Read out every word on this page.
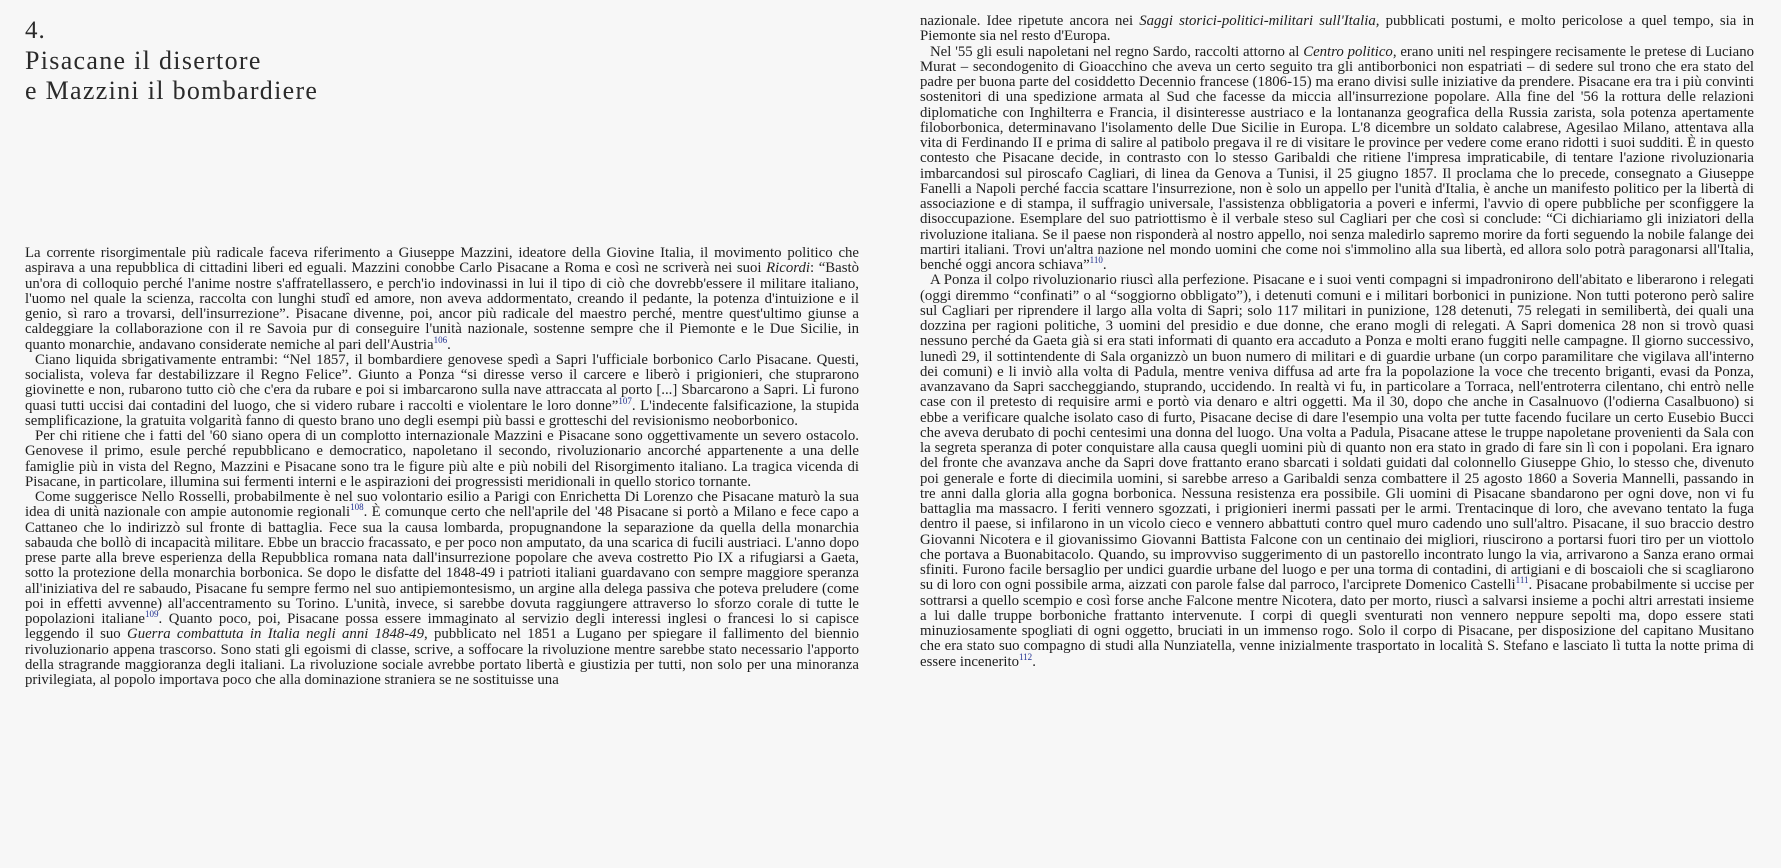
4.
Pisacane il disertore
e Mazzini il bombardiere

La corrente risorgimentale più radicale faceva riferimento a Giuseppe Mazzini, ideatore della Giovine Italia, il movimento politico che aspirava a una repubblica di cittadini liberi ed eguali. Mazzini conobbe Carlo Pisacane a Roma e così ne scriverà nei suoi Ricordi: “Bastò un'ora di colloquio perché l'anime nostre s'affratellassero, e perch'io indovinassi in lui il tipo di ciò che dovrebb'essere il militare italiano, l'uomo nel quale la scienza, raccolta con lunghi studî ed amore, non aveva addormentato, creando il pedante, la potenza d'intuizione e il genio, sì raro a trovarsi, dell'insurrezione”. Pisacane divenne, poi, ancor più radicale del maestro perché, mentre quest'ultimo giunse a caldeggiare la collaborazione con il re Savoia pur di conseguire l'unità nazionale, sostenne sempre che il Piemonte e le Due Sicilie, in quanto monarchie, andavano considerate nemiche al pari dell'Austria$^{106}$.

Ciano liquida sbrigativamente entrambi: “Nel 1857, il bombardiere genovese spedì a Sapri l'ufficiale borbonico Carlo Pisacane. Questi, socialista, voleva far destabilizzare il Regno Felice”. Giunto a Ponza “si diresse verso il carcere e liberò i prigionieri, che stuprarono giovinette e non, rubarono tutto ciò che c'era da rubare e poi si imbarcarono sulla nave attraccata al porto [...] Sbarcarono a Sapri. Lì furono quasi tutti uccisi dai contadini del luogo, che si videro rubare i raccolti e violentare le loro donne”$^{107}$. L'indecente falsificazione, la stupida semplificazione, la gratuita volgarità fanno di questo brano uno degli esempi più bassi e grotteschi del revisionismo neoborbonico.

Per chi ritiene che i fatti del '60 siano opera di un complotto internazionale Mazzini e Pisacane sono oggettivamente un severo ostacolo. Genovese il primo, esule perché repubblicano e democratico, napoletano il secondo, rivoluzionario ancorché appartenente a una delle famiglie più in vista del Regno, Mazzini e Pisacane sono tra le figure più alte e più nobili del Risorgimento italiano. La tragica vicenda di Pisacane, in particolare, illumina sui fermenti interni e le aspirazioni dei progressisti meridionali in quello storico tornante.

Come suggerisce Nello Rosselli, probabilmente è nel suo volontario esilio a Parigi con Enrichetta Di Lorenzo che Pisacane maturò la sua idea di unità nazionale con ampie autonomie regionali$^{108}$. È comunque certo che nell'aprile del '48 Pisacane si portò a Milano e fece capo a Cattaneo che lo indirizzò sul fronte di battaglia. Fece sua la causa lombarda, propugnandone la separazione da quella della monarchia sabauda che bollò di incapacità militare. Ebbe un braccio fracassato, e per poco non amputato, da una scarica di fucili austriaci. L'anno dopo prese parte alla breve esperienza della Repubblica romana nata dall'insurrezione popolare che aveva costretto Pio IX a rifugiarsi a Gaeta, sotto la protezione della monarchia borbonica. Se dopo le disfatte del 1848-49 i patrioti italiani guardavano con sempre maggiore speranza all'iniziativa del re sabaudo, Pisacane fu sempre fermo nel suo antipiemontesismo, un argine alla delega passiva che poteva preludere (come poi in effetti avvenne) all'accentramento su Torino. L'unità, invece, si sarebbe dovuta raggiungere attraverso lo sforzo corale di tutte le popolazioni italiane$^{109}$. Quanto poco, poi, Pisacane possa essere immaginato al servizio degli interessi inglesi o francesi lo si capisce leggendo il suo Guerra combattuta in Italia negli anni 1848-49, pubblicato nel 1851 a Lugano per spiegare il fallimento del biennio rivoluzionario appena trascorso. Sono stati gli egoismi di classe, scrive, a soffocare la rivoluzione mentre sarebbe stato necessario l'apporto della stragrande maggioranza degli italiani. La rivoluzione sociale avrebbe portato libertà e giustizia per tutti, non solo per una minoranza privilegiata, al popolo importava poco che alla dominazione straniera se ne sostituisse una

nazionale. Idee ripetute ancora nei Saggi storici-politici-militari sull'Italia, pubblicati postumi, e molto pericolose a quel tempo, sia in Piemonte sia nel resto d'Europa.

Nel '55 gli esuli napoletani nel regno Sardo, raccolti attorno al Centro politico, erano uniti nel respingere recisamente le pretese di Luciano Murat – secondogenito di Gioacchino che aveva un certo seguito tra gli antiborbonici non espatriati – di sedere sul trono che era stato del padre per buona parte del cosiddetto Decennio francese (1806-15) ma erano divisi sulle iniziative da prendere. Pisacane era tra i più convinti sostenitori di una spedizione armata al Sud che facesse da miccia all'insurrezione popolare. Alla fine del '56 la rottura delle relazioni diplomatiche con Inghilterra e Francia, il disinteresse austriaco e la lontananza geografica della Russia zarista, sola potenza apertamente filoborbonica, determinavano l'isolamento delle Due Sicilie in Europa. L'8 dicembre un soldato calabrese, Agesilao Milano, attentava alla vita di Ferdinando II e prima di salire al patibolo pregava il re di visitare le province per vedere come erano ridotti i suoi sudditi. È in questo contesto che Pisacane decide, in contrasto con lo stesso Garibaldi che ritiene l'impresa impraticabile, di tentare l'azione rivoluzionaria imbarcandosi sul piroscafo Cagliari, di linea da Genova a Tunisi, il 25 giugno 1857. Il proclama che lo precede, consegnato a Giuseppe Fanelli a Napoli perché faccia scattare l'insurrezione, non è solo un appello per l'unità d'Italia, è anche un manifesto politico per la libertà di associazione e di stampa, il suffragio universale, l'assistenza obbligatoria a poveri e infermi, l'avvio di opere pubbliche per sconfiggere la disoccupazione. Esemplare del suo patriottismo è il verbale steso sul Cagliari per che così si conclude: “Ci dichiariamo gli iniziatori della rivoluzione italiana. Se il paese non risponderà al nostro appello, noi senza maledirlo sapremo morire da forti seguendo la nobile falange dei martiri italiani. Trovi un'altra nazione nel mondo uomini che come noi s'immolino alla sua libertà, ed allora solo potrà paragonarsi all'Italia, benché oggi ancora schiava”$^{110}$.

A Ponza il colpo rivoluzionario riuscì alla perfezione. Pisacane e i suoi venti compagni si impadronirono dell'abitato e liberarono i relegati (oggi diremmo “confinati” o al “soggiorno obbligato”), i detenuti comuni e i militari borbonici in punizione. Non tutti poterono però salire sul Cagliari per riprendere il largo alla volta di Sapri; solo 117 militari in punizione, 128 detenuti, 75 relegati in semilibertà, dei quali una dozzina per ragioni politiche, 3 uomini del presidio e due donne, che erano mogli di relegati. A Sapri domenica 28 non si trovò quasi nessuno perché da Gaeta già si era stati informati di quanto era accaduto a Ponza e molti erano fuggiti nelle campagne. Il giorno successivo, lunedì 29, il sottintendente di Sala organizzò un buon numero di militari e di guardie urbane (un corpo paramilitare che vigilava all'interno dei comuni) e li inviò alla volta di Padula, mentre veniva diffusa ad arte fra la popolazione la voce che trecento briganti, evasi da Ponza, avanzavano da Sapri saccheggiando, stuprando, uccidendo. In realtà vi fu, in particolare a Torraca, nell'entroterra cilentano, chi entrò nelle case con il pretesto di requisire armi e portò via denaro e altri oggetti. Ma il 30, dopo che anche in Casalnuovo (l'odierna Casalbuono) si ebbe a verificare qualche isolato caso di furto, Pisacane decise di dare l'esempio una volta per tutte facendo fucilare un certo Eusebio Bucci che aveva derubato di pochi centesimi una donna del luogo. Una volta a Padula, Pisacane attese le truppe napoletane provenienti da Sala con la segreta speranza di poter conquistare alla causa quegli uomini più di quanto non era stato in grado di fare sin lì con i popolani. Era ignaro del fronte che avanzava anche da Sapri dove frattanto erano sbarcati i soldati guidati dal colonnello Giuseppe Ghio, lo stesso che, divenuto poi generale e forte di diecimila uomini, si sarebbe arreso a Garibaldi senza combattere il 25 agosto 1860 a Soveria Mannelli, passando in tre anni dalla gloria alla gogna borbonica. Nessuna resistenza era possibile. Gli uomini di Pisacane sbandarono per ogni dove, non vi fu battaglia ma massacro. I feriti vennero sgozzati, i prigionieri inermi passati per le armi. Trentacinque di loro, che avevano tentato la fuga dentro il paese, si infilarono in un vicolo cieco e vennero abbattuti contro quel muro cadendo uno sull'altro. Pisacane, il suo braccio destro Giovanni Nicotera e il giovanissimo Giovanni Battista Falcone con un centinaio dei migliori, riuscirono a portarsi fuori tiro per un viottolo che portava a Buonabitacolo. Quando, su improvviso suggerimento di un pastorello incontrato lungo la via, arrivarono a Sanza erano ormai sfiniti. Furono facile bersaglio per undici guardie urbane del luogo e per una torma di contadini, di artigiani e di boscaioli che si scagliarono su di loro con ogni possibile arma, aizzati con parole false dal parroco, l'arciprete Domenico Castelli$^{111}$. Pisacane probabilmente si uccise per sottrarsi a quello scempio e così forse anche Falcone mentre Nicotera, dato per morto, riuscì a salvarsi insieme a pochi altri arrestati insieme a lui dalle truppe borboniche frattanto intervenute. I corpi di quegli sventurati non vennero neppure sepolti ma, dopo essere stati minuziosamente spogliati di ogni oggetto, bruciati in un immenso rogo. Solo il corpo di Pisacane, per disposizione del capitano Musitano che era stato suo compagno di studi alla Nunziatella, venne inizialmente trasportato in località S. Stefano e lasciato lì tutta la notte prima di essere incenerito$^{112}$.
